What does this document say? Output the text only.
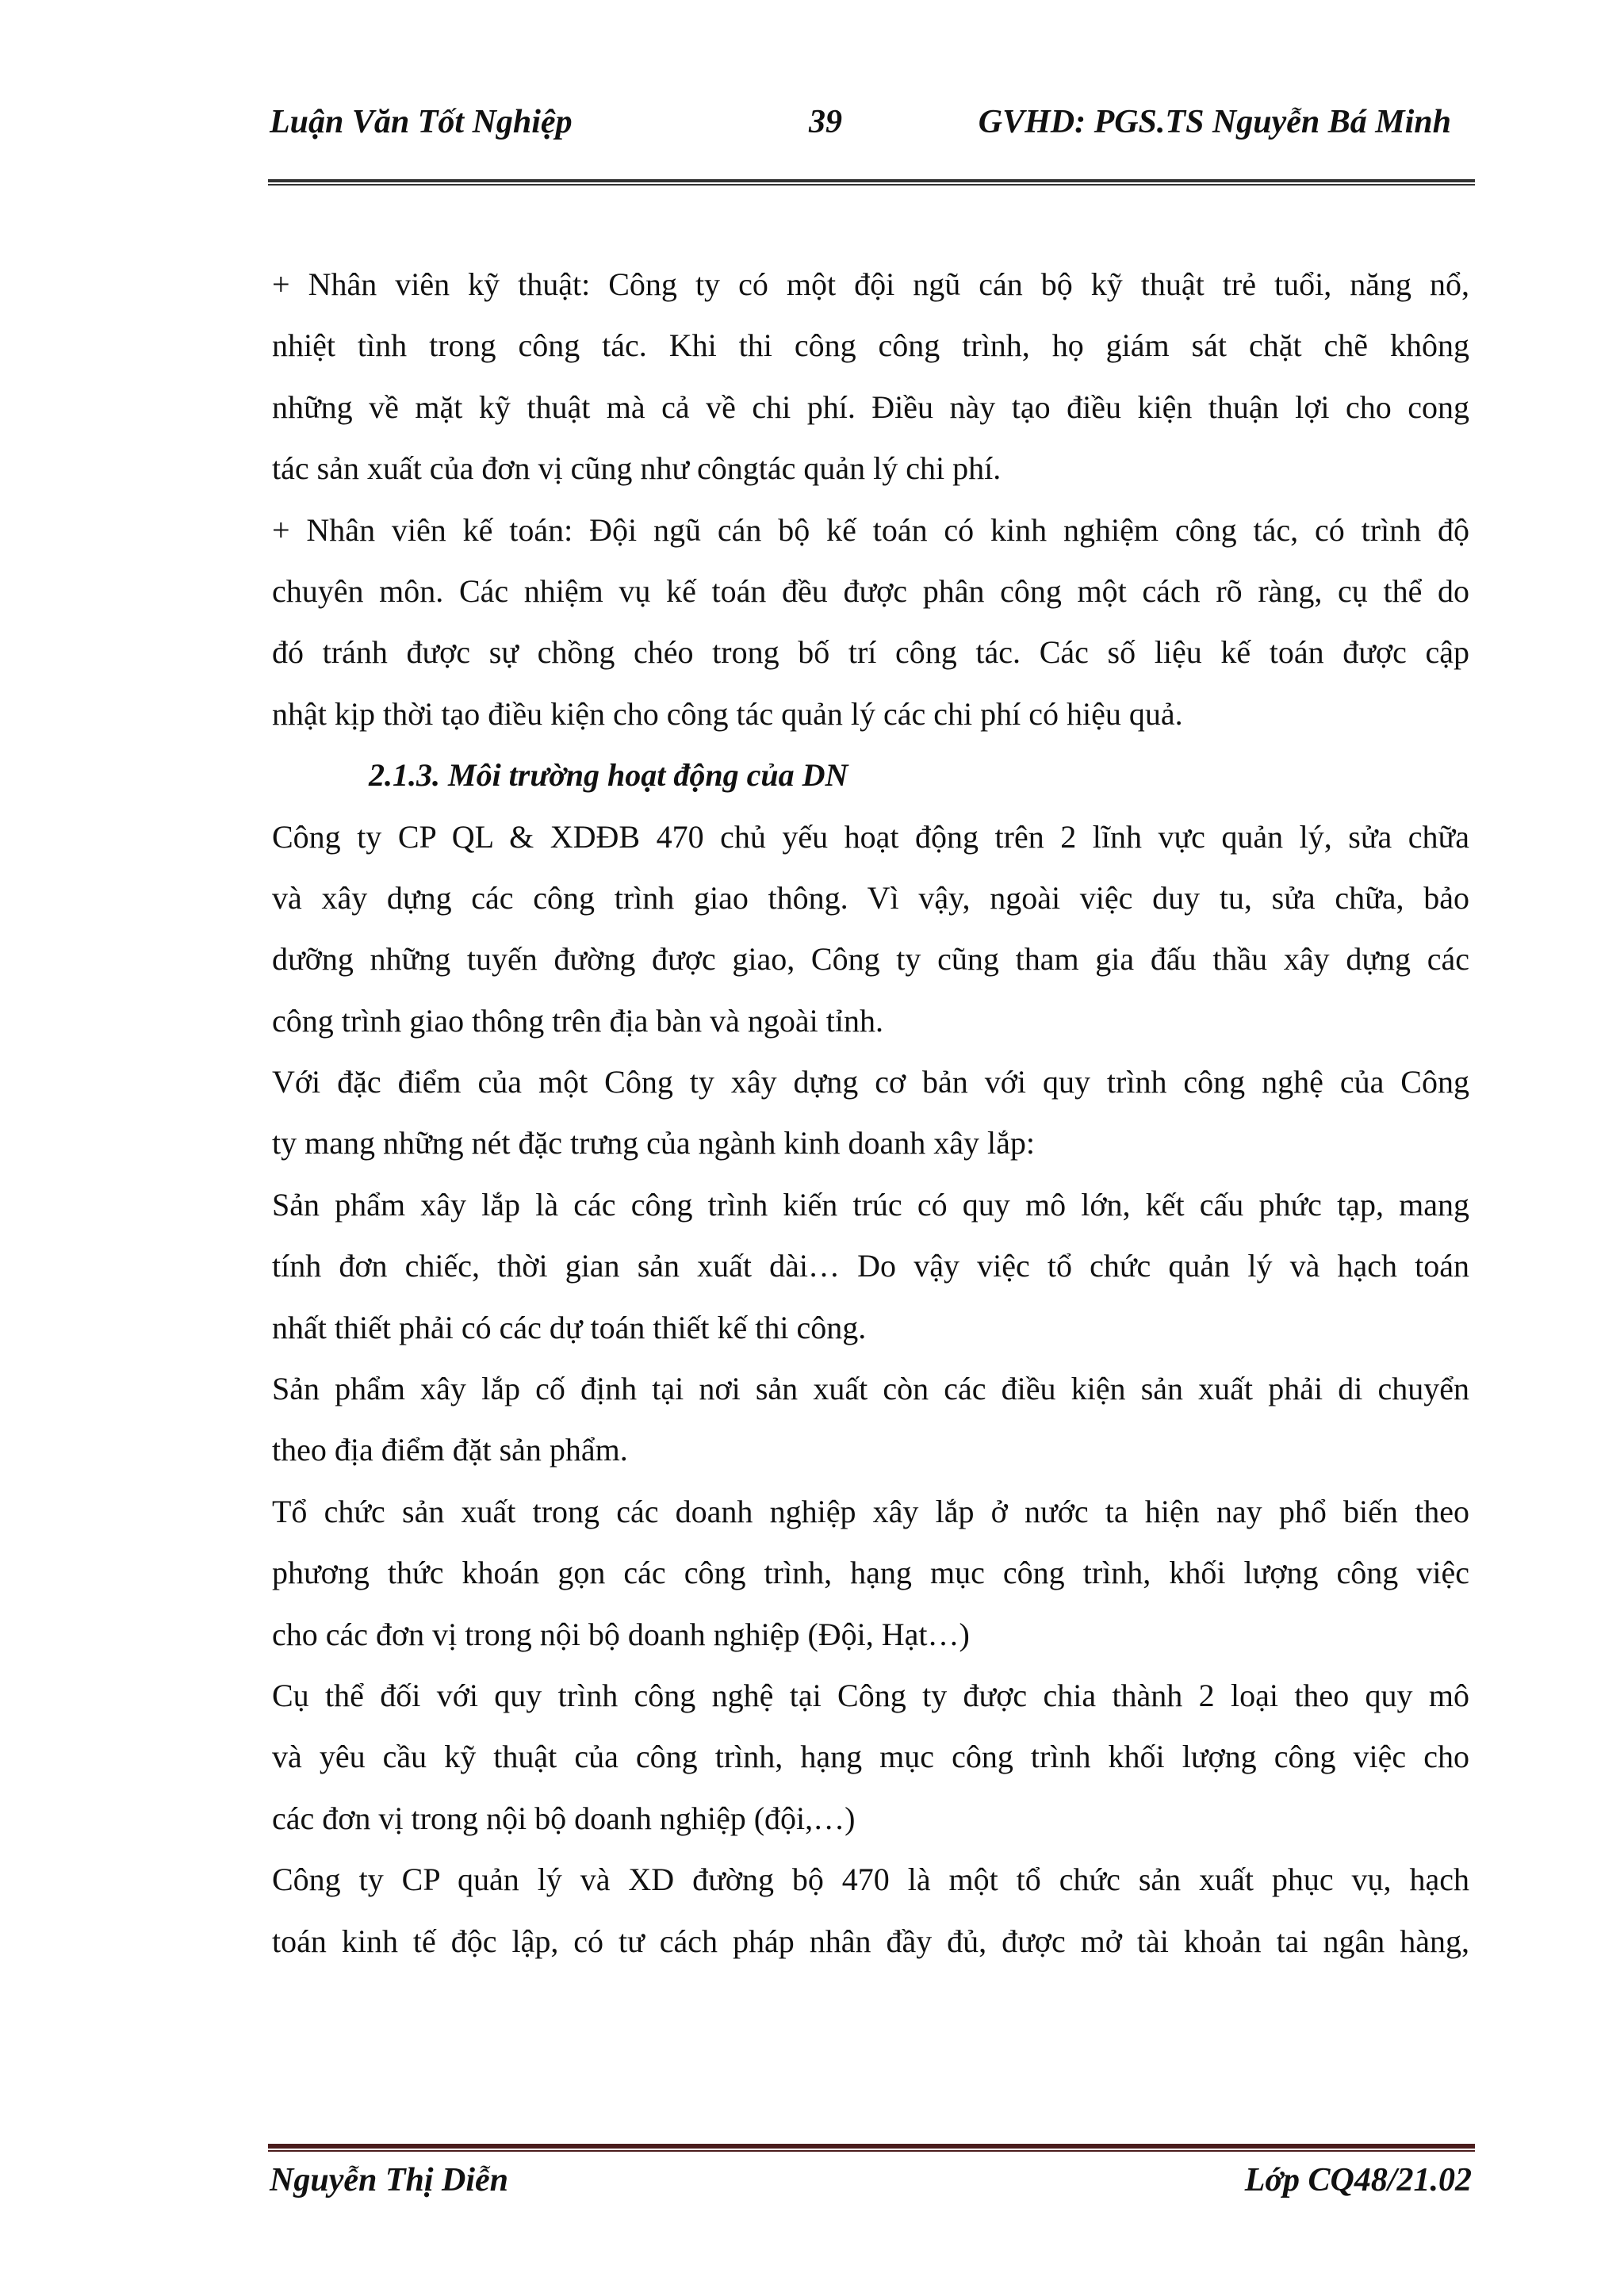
Luận Văn Tốt Nghiệp	39	GVHD: PGS.TS Nguyễn Bá Minh
+ Nhân viên kỹ thuật: Công ty có một đội ngũ cán bộ kỹ thuật trẻ tuổi, năng nổ,
nhiệt tình trong công tác. Khi thi công công trình, họ giám sát chặt chẽ không
những về mặt kỹ thuật mà cả về chi phí. Điều này tạo điều kiện thuận lợi cho cong
tác sản xuất của đơn vị cũng như côngtác quản lý chi phí.
+ Nhân viên kế toán: Đội ngũ cán bộ kế toán có kinh nghiệm công tác, có trình độ
chuyên môn. Các nhiệm vụ kế toán đều được phân công một cách rõ ràng, cụ thể do
đó tránh được sự chồng chéo trong bố trí công tác. Các số liệu kế toán được cập
nhật kịp thời tạo điều kiện cho công tác quản lý các chi phí có hiệu quả.
2.1.3. Môi trường hoạt động của DN
Công ty CP QL & XDĐB 470 chủ yếu hoạt động trên 2 lĩnh vực quản lý, sửa chữa
và xây dựng các công trình giao thông. Vì vậy, ngoài việc duy tu, sửa chữa, bảo
dưỡng những tuyến đường được giao, Công ty cũng tham gia đấu thầu xây dựng các
công trình giao thông trên địa bàn và ngoài tỉnh.
Với đặc điểm của một Công ty xây dựng cơ bản với quy trình công nghệ của Công
ty mang những nét đặc trưng của ngành kinh doanh xây lắp:
Sản phẩm xây lắp là các công trình kiến trúc có quy mô lớn, kết cấu phức tạp, mang
tính đơn chiếc, thời gian sản xuất dài… Do vậy việc tổ chức quản lý và hạch toán
nhất thiết phải có các dự toán thiết kế thi công.
Sản phẩm xây lắp cố định tại nơi sản xuất còn các điều kiện sản xuất phải di chuyển
theo địa điểm đặt sản phẩm.
Tổ chức sản xuất trong các doanh nghiệp xây lắp ở nước ta hiện nay phổ biến theo
phương thức khoán gọn các công trình, hạng mục công trình, khối lượng công việc
cho các đơn vị trong nội bộ doanh nghiệp (Đội, Hạt…)
Cụ thể đối với quy trình công nghệ tại Công ty được chia thành 2 loại theo quy mô
và yêu cầu kỹ thuật của công trình, hạng mục công trình khối lượng công việc cho
các đơn vị trong nội bộ doanh nghiệp (đội,…)
Công ty CP quản lý và XD đường bộ 470 là một tổ chức sản xuất phục vụ, hạch
toán kinh tế độc lập, có tư cách pháp nhân đầy đủ, được mở tài khoản tai ngân hàng,
Nguyễn Thị Diễn	Lớp CQ48/21.02
